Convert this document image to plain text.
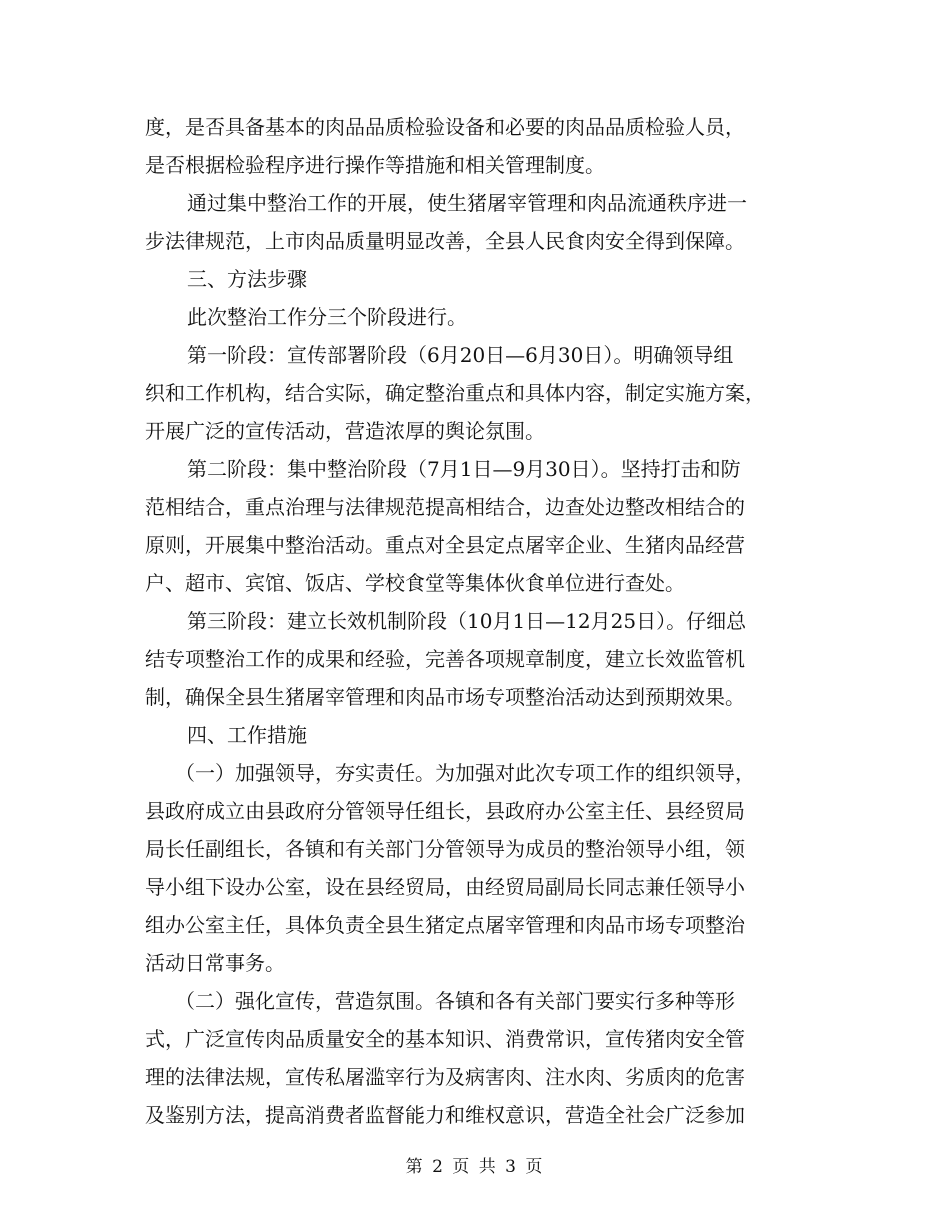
度，是否具备基本的肉品品质检验设备和必要的肉品品质检验人员，
是否根据检验程序进行操作等措施和相关管理制度。
通过集中整治工作的开展，使生猪屠宰管理和肉品流通秩序进一
步法律规范，上市肉品质量明显改善，全县人民食肉安全得到保障。
三、方法步骤
此次整治工作分三个阶段进行。
第一阶段：宣传部署阶段（6月20日—6月30日）。明确领导组
织和工作机构，结合实际，确定整治重点和具体内容，制定实施方案，
开展广泛的宣传活动，营造浓厚的舆论氛围。
第二阶段：集中整治阶段（7月1日—9月30日）。坚持打击和防
范相结合，重点治理与法律规范提高相结合，边查处边整改相结合的
原则，开展集中整治活动。重点对全县定点屠宰企业、生猪肉品经营
户、超市、宾馆、饭店、学校食堂等集体伙食单位进行查处。
第三阶段：建立长效机制阶段（10月1日—12月25日）。仔细总
结专项整治工作的成果和经验，完善各项规章制度，建立长效监管机
制，确保全县生猪屠宰管理和肉品市场专项整治活动达到预期效果。
四、工作措施
（一）加强领导，夯实责任。为加强对此次专项工作的组织领导，
县政府成立由县政府分管领导任组长，县政府办公室主任、县经贸局
局长任副组长，各镇和有关部门分管领导为成员的整治领导小组，领
导小组下设办公室，设在县经贸局，由经贸局副局长同志兼任领导小
组办公室主任，具体负责全县生猪定点屠宰管理和肉品市场专项整治
活动日常事务。
（二）强化宣传，营造氛围。各镇和各有关部门要实行多种等形
式，广泛宣传肉品质量安全的基本知识、消费常识，宣传猪肉安全管
理的法律法规，宣传私屠滥宰行为及病害肉、注水肉、劣质肉的危害
及鉴别方法，提高消费者监督能力和维权意识，营造全社会广泛参加
第 2 页 共 3 页
